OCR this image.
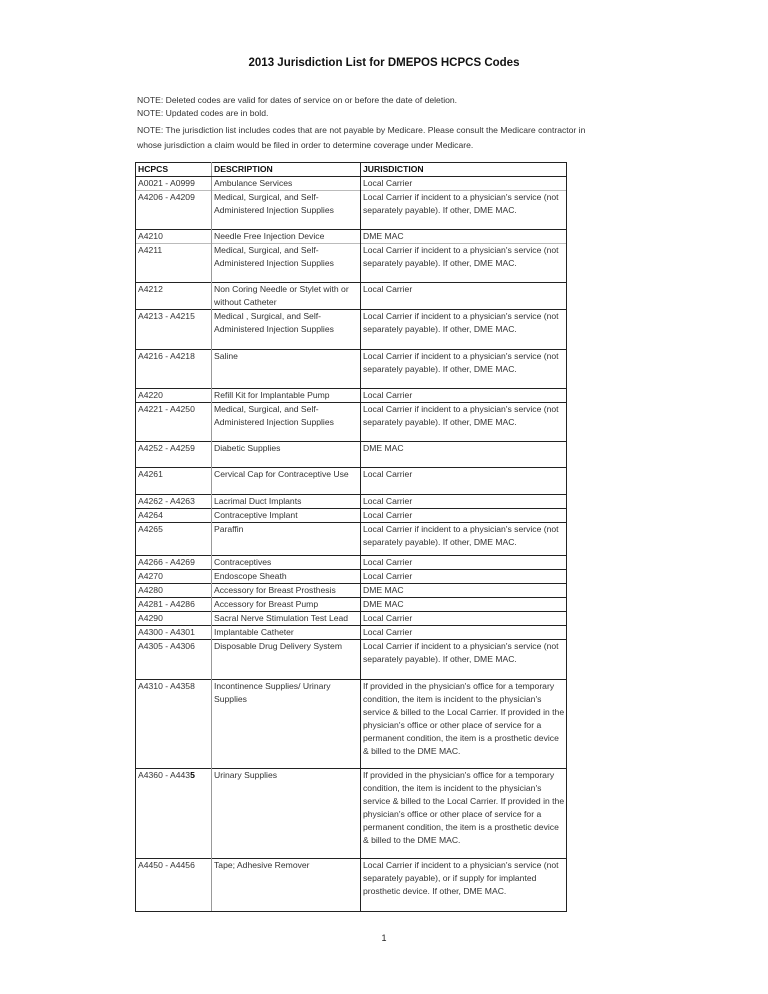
2013 Jurisdiction List for DMEPOS HCPCS Codes
NOTE: Deleted codes are valid for dates of service on or before the date of deletion.
NOTE: Updated codes are in bold.
NOTE: The jurisdiction list includes codes that are not payable by Medicare. Please consult the Medicare contractor in whose jurisdiction a claim would be filed in order to determine coverage under Medicare.
HCPCS	DESCRIPTION	JURISDICTION
A0021 - A0999	Ambulance Services	Local Carrier
A4206 - A4209	Medical, Surgical, and Self-Administered Injection Supplies	Local Carrier if incident to a physician's service (not separately payable). If other, DME MAC.
A4210	Needle Free Injection Device	DME MAC
A4211	Medical, Surgical, and Self-Administered Injection Supplies	Local Carrier if incident to a physician's service (not separately payable). If other, DME MAC.
A4212	Non Coring Needle or Stylet with or without Catheter	Local Carrier
A4213 - A4215	Medical , Surgical, and Self-Administered Injection Supplies	Local Carrier if incident to a physician's service (not separately payable). If other, DME MAC.
A4216 - A4218	Saline	Local Carrier if incident to a physician's service (not separately payable). If other, DME MAC.
A4220	Refill Kit for Implantable Pump	Local Carrier
A4221 - A4250	Medical, Surgical, and Self-Administered Injection Supplies	Local Carrier if incident to a physician's service (not separately payable). If other, DME MAC.
A4252 - A4259	Diabetic Supplies	DME MAC
A4261	Cervical Cap for Contraceptive Use	Local Carrier
A4262 - A4263	Lacrimal Duct Implants	Local Carrier
A4264	Contraceptive Implant	Local Carrier
A4265	Paraffin	Local Carrier if incident to a physician's service (not separately payable). If other, DME MAC.
A4266 - A4269	Contraceptives	Local Carrier
A4270	Endoscope Sheath	Local Carrier
A4280	Accessory for Breast Prosthesis	DME MAC
A4281 - A4286	Accessory for Breast Pump	DME MAC
A4290	Sacral Nerve Stimulation Test Lead	Local Carrier
A4300 - A4301	Implantable Catheter	Local Carrier
A4305 - A4306	Disposable Drug Delivery System	Local Carrier if incident to a physician's service (not separately payable). If other, DME MAC.
A4310 - A4358	Incontinence Supplies/ Urinary Supplies	If provided in the physician's office for a temporary condition, the item is incident to the physician's service & billed to the Local Carrier. If provided in the physician's office or other place of service for a permanent condition, the item is a prosthetic device & billed to the DME MAC.
A4360 - A4435	Urinary Supplies	If provided in the physician's office for a temporary condition, the item is incident to the physician's service & billed to the Local Carrier. If provided in the physician's office or other place of service for a permanent condition, the item is a prosthetic device & billed to the DME MAC.
A4450 - A4456	Tape; Adhesive Remover	Local Carrier if incident to a physician's service (not separately payable), or if supply for implanted prosthetic device. If other, DME MAC.
1
